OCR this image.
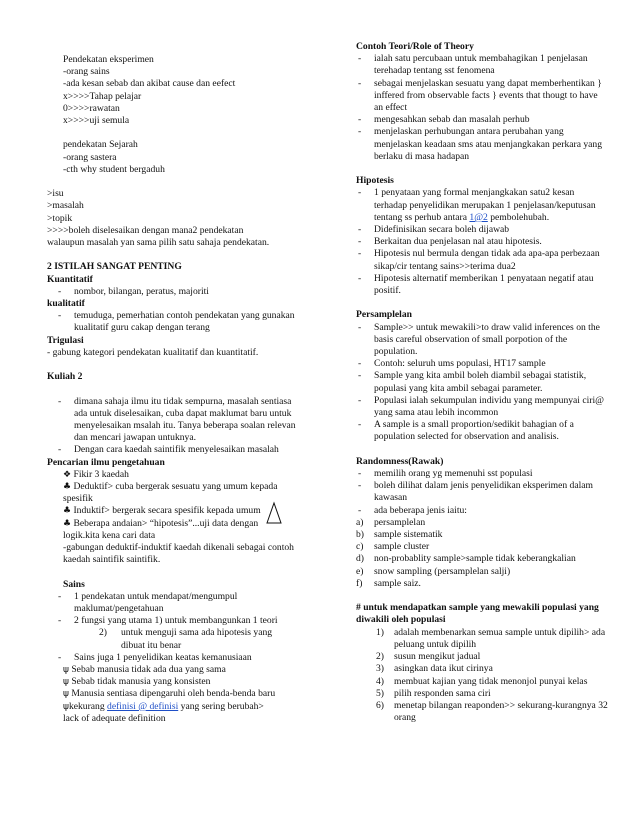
Pendekatan eksperimen
-orang sains
-ada kesan sebab dan akibat cause dan eefect
x>>>>Tahap pelajar
0>>>>rawatan
x>>>>uji semula
pendekatan Sejarah
-orang sastera
-cth why student bergaduh
>isu
>masalah
>topik
>>>>boleh diselesaikan dengan mana2 pendekatan
walaupun masalah yan sama pilih satu sahaja pendekatan.
2 ISTILAH SANGAT PENTING
Kuantitatif
-	nombor, bilangan, peratus, majoriti
kualitatif
-	temuduga, pemerhatian contoh pendekatan yang gunakan kualitatif guru cakap dengan terang
Trigulasi
- gabung kategori pendekatan kualitatif dan kuantitatif.
Kuliah 2
-	dimana sahaja ilmu itu tidak sempurna, masalah sentiasa ada untuk diselesaikan, cuba dapat maklumat baru untuk menyelesaikan msalah itu. Tanya beberapa soalan relevan dan mencari jawapan untuknya.
-	Dengan cara kaedah saintifik menyelesaikan masalah
Pencarian ilmu pengetahuan
❖ Fikir 3 kaedah
♣ Deduktif> cuba bergerak sesuatu yang umum kepada spesifik
♣ Induktif> bergerak secara spesifik kepada umum
♣ Beberapa andaian> “hipotesis”...uji data dengan logik.kita kena cari data
-gabungan deduktif-induktif kaedah dikenali sebagai contoh kaedah saintifik saintifik.
Sains
-	1 pendekatan untuk mendapat/mengumpul maklumat/pengetahuan
-	2 fungsi yang utama 1) untuk membangunkan 1 teori
2)	untuk menguji sama ada hipotesis yang dibuat itu benar
-	Sains juga 1 penyelidikan keatas kemanusiaan
ψ Sebab manusia tidak ada dua yang sama
ψ Sebab tidak manusia yang konsisten
ψ Manusia sentiasa dipengaruhi oleh benda-benda baru
ψkekurang definisi @ definisi yang sering berubah>
lack of adequate definition
Contoh Teori/Role of Theory
-	ialah satu percubaan untuk membahagikan 1 penjelasan terehadap tentang sst fenomena
-	sebagai menjelaskan sesuatu yang dapat memberhentikan } inffered from observable facts } events that thougt to have an effect
-	mengesahkan sebab dan masalah perhub
-	menjelaskan perhubungan antara perubahan yang menjelaskan keadaan sms atau menjangkakan perkara yang berlaku di masa hadapan
Hipotesis
-	1 penyataan yang formal menjangkakan satu2 kesan terhadap penyelidikan merupakan 1 penjelasan/keputusan tentang ss perhub antara 1@2 pembolehubah.
-	Didefinisikan secara boleh dijawab
-	Berkaitan dua penjelasan nal atau hipotesis.
-	Hipotesis nul bermula dengan tidak ada apa-apa perbezaan sikap/cir tentang sains>>terima dua2
-	Hipotesis alternatif memberikan 1 penyataan negatif atau positif.
Persamplelan
-	Sample>> untuk mewakili>to draw valid inferences on the basis careful observation of small porpotion of the population.
-	Contoh: seluruh ums populasi, HT17 sample
-	Sample yang kita ambil boleh diambil sebagai statistik, populasi yang kita ambil sebagai parameter.
-	Populasi ialah sekumpulan individu yang mempunyai ciri@ yang sama atau lebih incommon
-	A sample is a small proportion/sedikit bahagian of a population selected for observation and analisis.
Randomness(Rawak)
-	memilih orang yg memenuhi sst populasi
-	boleh dilihat dalam jenis penyelidikan eksperimen dalam kawasan
-	ada beberapa jenis iaitu:
a)	persamplelan
b)	sample sistematik
c)	sample cluster
d)	non-probablity sample>sample tidak keberangkalian
e)	snow sampling (persamplelan salji)
f)	sample saiz.
# untuk mendapatkan sample yang mewakili populasi yang diwakili oleh populasi
1)	adalah membenarkan semua sample untuk dipilih> ada peluang untuk dipilih
2)	susun mengikut jadual
3)	asingkan data ikut cirinya
4)	membuat kajian yang tidak menonjol punyai kelas
5)	pilih responden sama ciri
6)	menetap bilangan reaponden>> sekurang-kurangnya 32 orang
